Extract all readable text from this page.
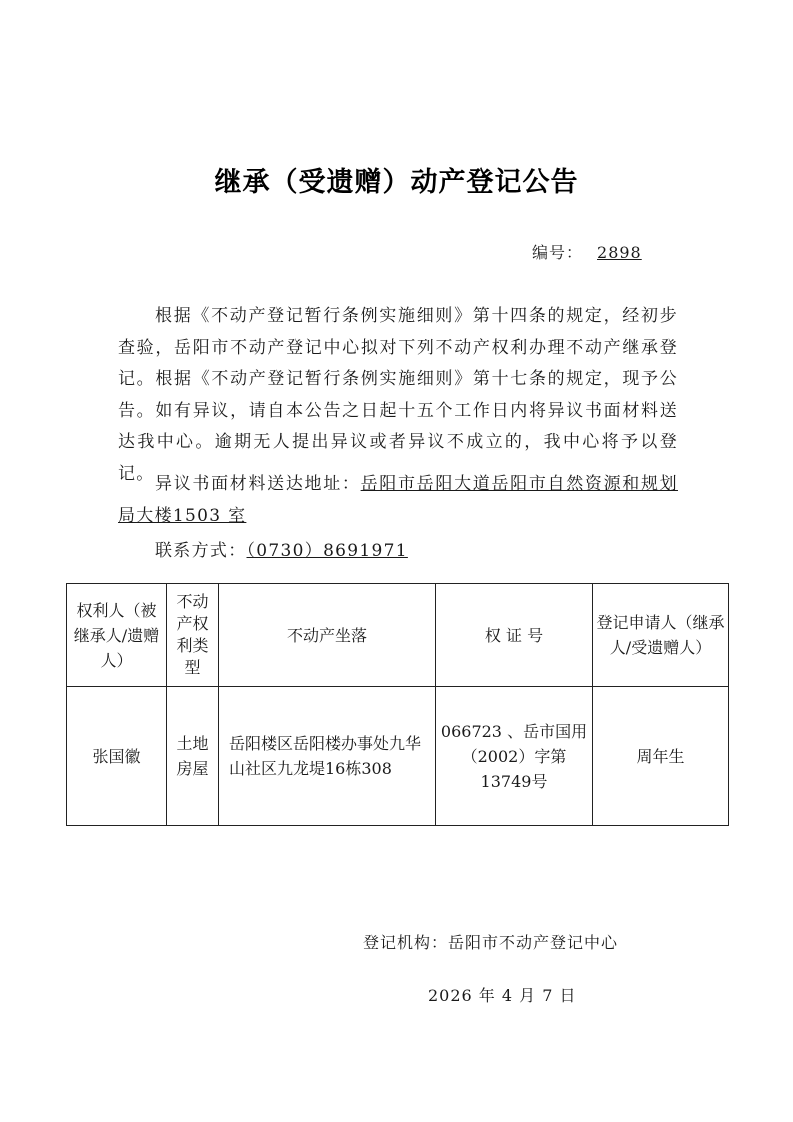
继承（受遗赠）动产登记公告
编号： 2898
根据《不动产登记暂行条例实施细则》第十四条的规定，经初步查验，岳阳市不动产登记中心拟对下列不动产权利办理不动产继承登记。根据《不动产登记暂行条例实施细则》第十七条的规定，现予公告。如有异议，请自本公告之日起十五个工作日内将异议书面材料送达我中心。逾期无人提出异议或者异议不成立的，我中心将予以登记。
异议书面材料送达地址：岳阳市岳阳大道岳阳市自然资源和规划局大楼1503 室
联系方式：（0730）8691971
权利人（被继承人/遗赠人）	不动产权利类型	不动产坐落	权 证 号	登记申请人（继承人/受遗赠人）
张国徽	土地房屋	岳阳楼区岳阳楼办事处九华山社区九龙堤16栋308	066723 、岳市国用（2002）字第13749号	周年生
登记机构：岳阳市不动产登记中心
2026 年 4 月 7 日
